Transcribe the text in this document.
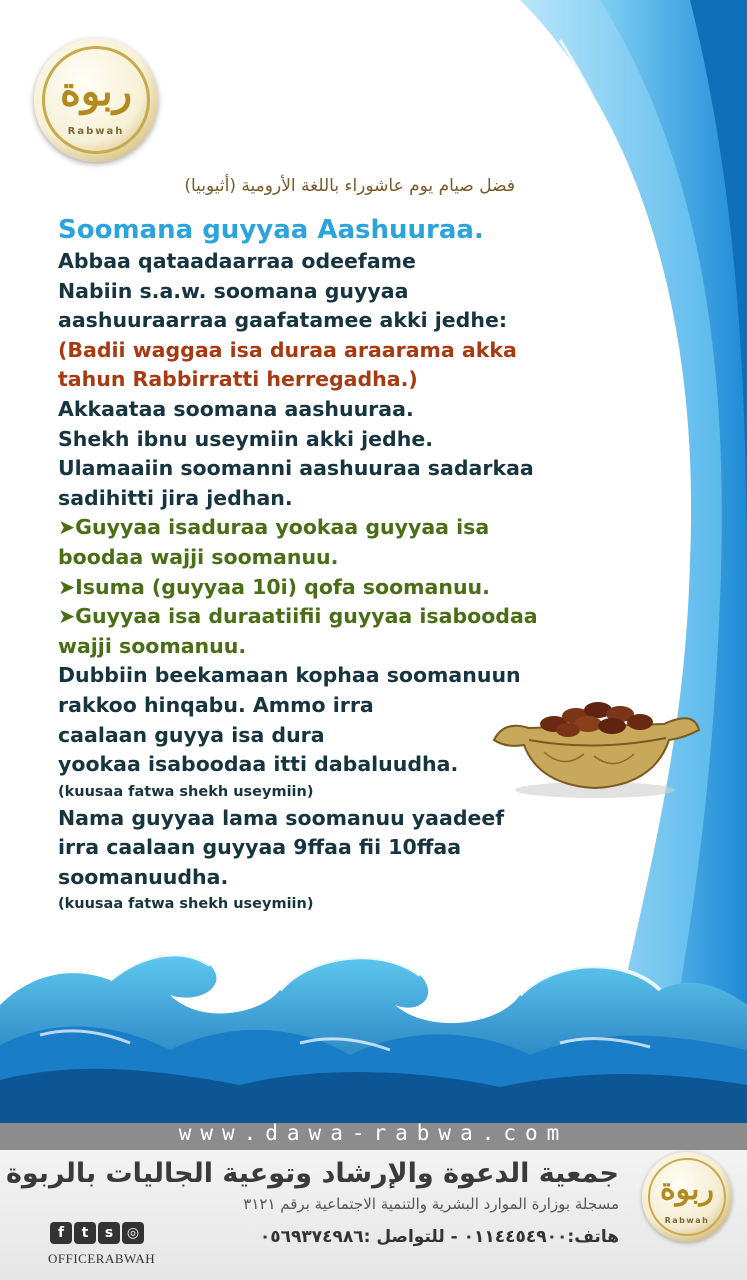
ربوة
Rabwah
فضل صيام يوم عاشوراء باللغة الأرومية (أثيوبيا)
Soomana guyyaa Aashuuraa.
Abbaa qataadaarraa odeefame
Nabiin s.a.w. soomana guyyaa
aashuuraarraa gaafatamee akki jedhe:
(Badii waggaa isa duraa araarama akka
tahun Rabbirratti herregadha.)
Akkaataa soomana aashuuraa.
Shekh ibnu useymiin akki jedhe.
Ulamaaiin soomanni aashuuraa sadarkaa
sadihitti jira jedhan.
➤Guyyaa isaduraa yookaa guyyaa isa
boodaa wajji soomanuu.
➤Isuma (guyyaa 10i) qofa soomanuu.
➤Guyyaa isa duraatiifii guyyaa isaboodaa
wajji soomanuu.
Dubbiin beekamaan kophaa soomanuun
rakkoo hinqabu. Ammo irra
caalaan guyya isa dura
yookaa isaboodaa itti dabaluudha.
(kuusaa fatwa shekh useymiin)
Nama guyyaa lama soomanuu yaadeef
irra caalaan guyyaa 9ffaa fii 10ffaa
soomanuudha.
(kuusaa fatwa shekh useymiin)
www.dawa-rabwa.com
جمعية الدعوة والإرشاد وتوعية الجاليات بالربوة
مسجلة بوزارة الموارد البشرية والتنمية الاجتماعية برقم ٣١٢١
هاتف:٠١١٤٤٥٤٩٠٠ - للتواصل :٠٥٦٩٣٧٤٩٨٦
f t s ◎
OFFICERABWAH
ربوة
Rabwah
